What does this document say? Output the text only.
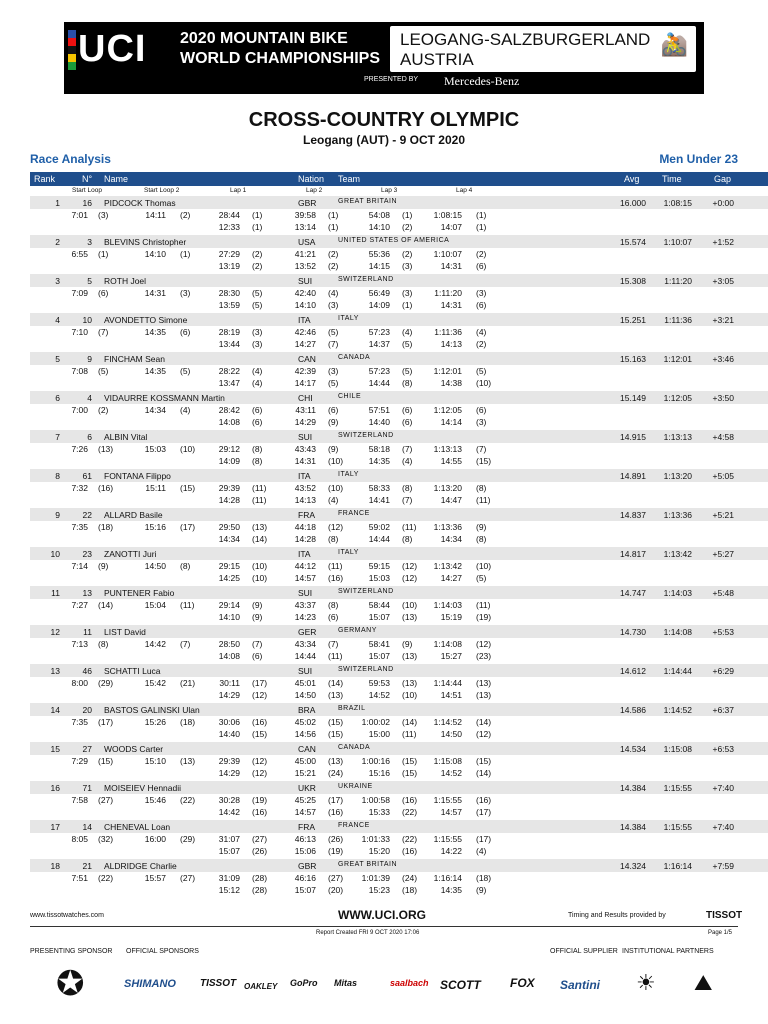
UCI 2020 MOUNTAIN BIKE
WORLD CHAMPIONSHIPS
LEOGANG-SALZBURGERLAND
AUSTRIA
🚵
PRESENTED BY Mercedes-Benz
CROSS-COUNTRY OLYMPIC
Leogang (AUT) - 9 OCT 2020
Race Analysis	Men Under 23
Rank	N° Name	Nation Team	Avg	Time	Gap
Start Loop	Start Loop 2	Lap 1	Lap 2	Lap 3	Lap 4
1	16 PIDCOCK Thomas	GBR	GREAT BRITAIN	16.000 1:08:15 +0:00
7:01 (3)	14:11 (2)	28:44 (1)	39:58 (1)	54:08 (1) 1:08:15 (1)
12:33 (1)	13:14 (1)	14:10 (2)	14:07 (1)
2	3 BLEVINS Christopher	USA	UNITED STATES OF AMERICA	15.574 1:10:07 +1:52
6:55 (1)	14:10 (1)	27:29 (2)	41:21 (2)	55:36 (2) 1:10:07 (2)
13:19 (2)	13:52 (2)	14:15 (3)	14:31 (6)
3	5 ROTH Joel	SUI	SWITZERLAND	15.308 1:11:20 +3:05
7:09 (6)	14:31 (3)	28:30 (5)	42:40 (4)	56:49 (3)	1:11:20 (3)
13:59 (5)	14:10 (3)	14:09 (1)	14:31 (6)
4	10 AVONDETTO Simone	ITA	ITALY	15.251 1:11:36 +3:21
7:10 (7)	14:35 (6)	28:19 (3)	42:46 (5)	57:23 (4)	1:11:36 (4)
13:44 (3)	14:27 (7)	14:37 (5)	14:13 (2)
5	9 FINCHAM Sean	CAN	CANADA	15.163 1:12:01 +3:46
7:08 (5)	14:35 (5)	28:22 (4)	42:39 (3)	57:23 (5) 1:12:01 (5)
13:47 (4)	14:17 (5)	14:44 (8)	14:38 (10)
6	4 VIDAURRE KOSSMANN Martin	CHI	CHILE	15.149 1:12:05 +3:50
7:00 (2)	14:34 (4)	28:42 (6)	43:11 (6)	57:51 (6) 1:12:05 (6)
14:08 (6)	14:29 (9)	14:40 (6)	14:14 (3)
7	6 ALBIN Vital	SUI	SWITZERLAND	14.915 1:13:13 +4:58
7:26 (13)	15:03 (10)	29:12 (8)	43:43 (9)	58:18 (7) 1:13:13 (7)
14:09 (8)	14:31 (10)	14:35 (4)	14:55 (15)
8	61 FONTANA Filippo	ITA	ITALY	14.891 1:13:20 +5:05
7:32 (16)	15:11 (15)	29:39 (11)	43:52 (10)	58:33 (8) 1:13:20 (8)
14:28 (11)	14:13 (4)	14:41 (7)	14:47 (11)
9	22 ALLARD Basile	FRA	FRANCE	14.837 1:13:36 +5:21
7:35 (18)	15:16 (17)	29:50 (13)	44:18 (12)	59:02 (11) 1:13:36 (9)
14:34 (14)	14:28 (8)	14:44 (8)	14:34 (8)
10	23 ZANOTTI Juri	ITA	ITALY	14.817 1:13:42 +5:27
7:14 (9)	14:50 (8)	29:15 (10)	44:12 (11)	59:15 (12) 1:13:42 (10)
14:25 (10)	14:57 (16)	15:03 (12)	14:27 (5)
11	13 PUNTENER Fabio	SUI	SWITZERLAND	14.747 1:14:03 +5:48
7:27 (14)	15:04 (11)	29:14 (9)	43:37 (8)	58:44 (10) 1:14:03 (11)
14:10 (9)	14:23 (6)	15:07 (13)	15:19 (19)
12	11 LIST David	GER	GERMANY	14.730 1:14:08 +5:53
7:13 (8)	14:42 (7)	28:50 (7)	43:34 (7)	58:41 (9) 1:14:08 (12)
14:08 (6)	14:44 (11)	15:07 (13)	15:27 (23)
13	46 SCHATTI Luca	SUI	SWITZERLAND	14.612 1:14:44 +6:29
8:00 (29)	15:42 (21)	30:11 (17)	45:01 (14)	59:53 (13) 1:14:44 (13)
14:29 (12)	14:50 (13)	14:52 (10)	14:51 (13)
14	20 BASTOS GALINSKI Ulan	BRA	BRAZIL	14.586 1:14:52 +6:37
7:35 (17)	15:26 (18)	30:06 (16)	45:02 (15) 1:00:02 (14) 1:14:52 (14)
14:40 (15)	14:56 (15)	15:00 (11)	14:50 (12)
15	27 WOODS Carter	CAN	CANADA	14.534 1:15:08 +6:53
7:29 (15)	15:10 (13)	29:39 (12)	45:00 (13) 1:00:16 (15) 1:15:08 (15)
14:29 (12)	15:21 (24)	15:16 (15)	14:52 (14)
16	71 MOISEIEV Hennadii	UKR	UKRAINE	14.384 1:15:55 +7:40
7:58 (27)	15:46 (22)	30:28 (19)	45:25 (17) 1:00:58 (16) 1:15:55 (16)
14:42 (16)	14:57 (16)	15:33 (22)	14:57 (17)
17	14 CHENEVAL Loan	FRA	FRANCE	14.384 1:15:55 +7:40
8:05 (32)	16:00 (29)	31:07 (27)	46:13 (26) 1:01:33 (22) 1:15:55 (17)
15:07 (26)	15:06 (19)	15:20 (16)	14:22 (4)
18	21 ALDRIDGE Charlie	GBR	GREAT BRITAIN	14.324 1:16:14 +7:59
7:51 (22)	15:57 (27)	31:09 (28)	46:16 (27) 1:01:39 (24) 1:16:14 (18)
15:12 (28)	15:07 (20)	15:23 (18)	14:35 (9)
www.tissotwatches.com	WWW.UCI.ORG	Timing and Results provided by	TISSOT
Report Created FRI 9 OCT 2020 17:06	Page 1/5
PRESENTING SPONSOR OFFICIAL SPONSORS	OFFICIAL SUPPLIER INSTITUTIONAL PARTNERS
✪	SHIMANO TISSOT OAKLEY GoPro Mitas	saalbach SCOTT FOX Santini ☀ ⛰
